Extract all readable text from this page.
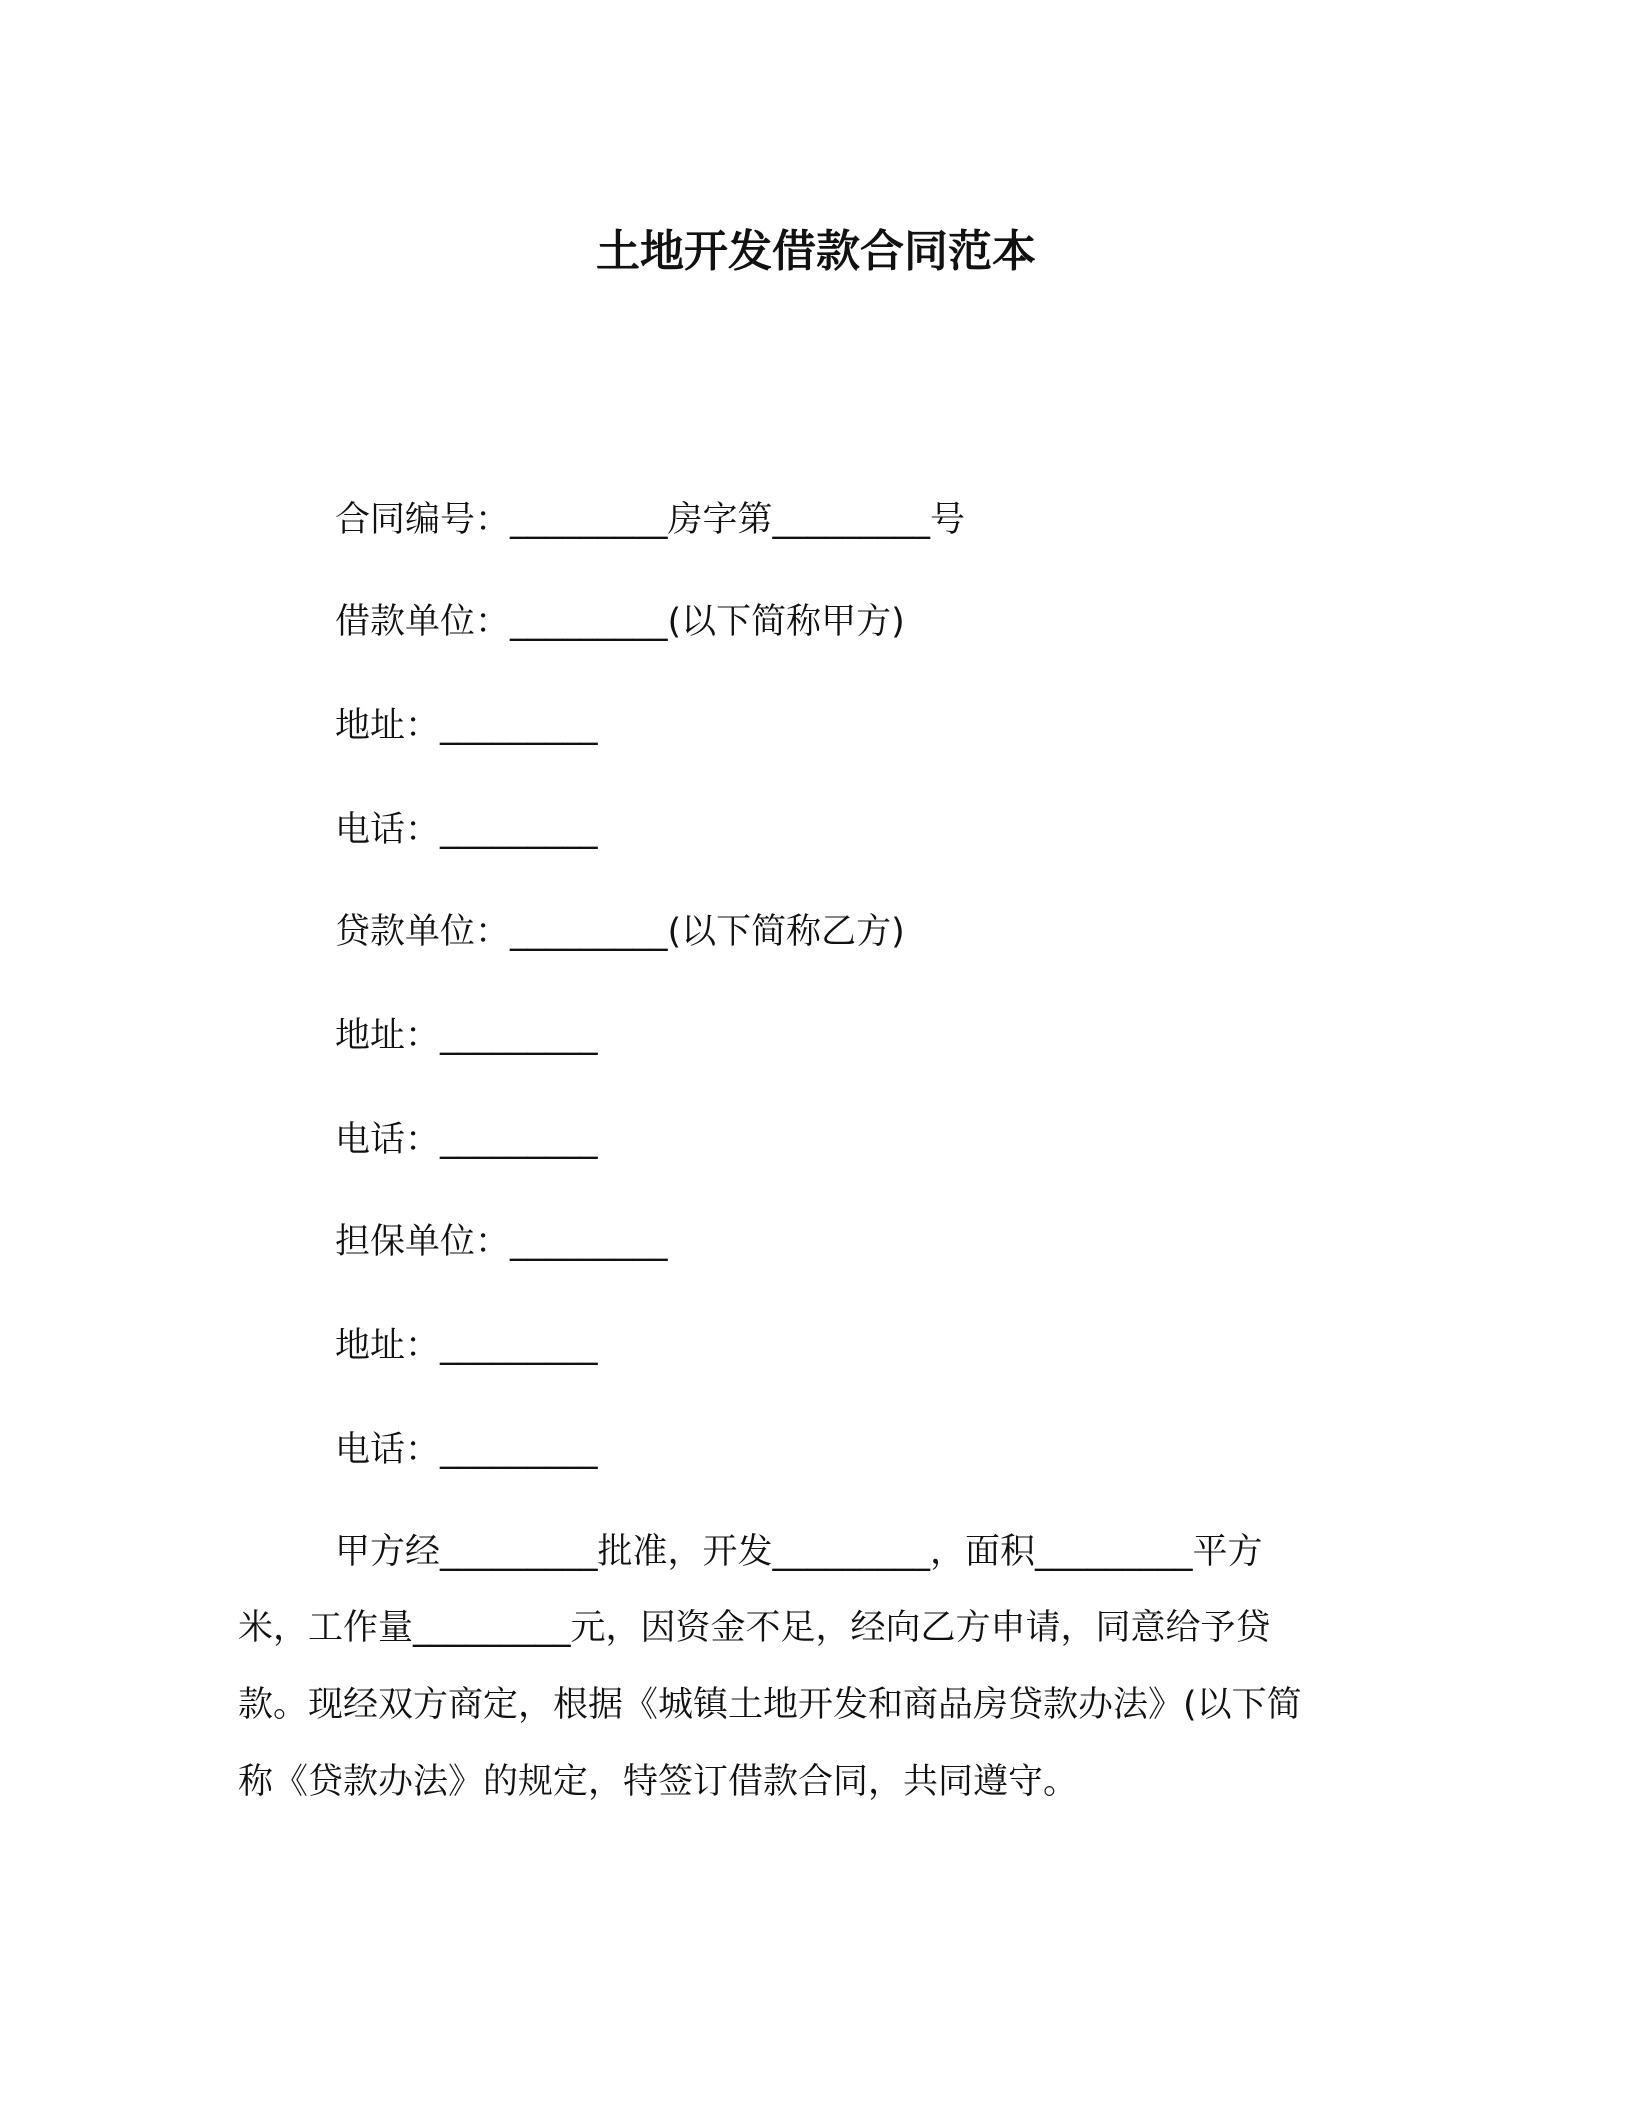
土地开发借款合同范本
合同编号：_________房字第_________号
借款单位：_________(以下简称甲方)
地址：_________
电话：_________
贷款单位：_________(以下简称乙方)
地址：_________
电话：_________
担保单位：_________
地址：_________
电话：_________
甲方经_________批准，开发_________，面积_________平方
米，工作量_________元，因资金不足，经向乙方申请，同意给予贷
款。现经双方商定，根据《城镇土地开发和商品房贷款办法》(以下简
称《贷款办法》的规定，特签订借款合同，共同遵守。
